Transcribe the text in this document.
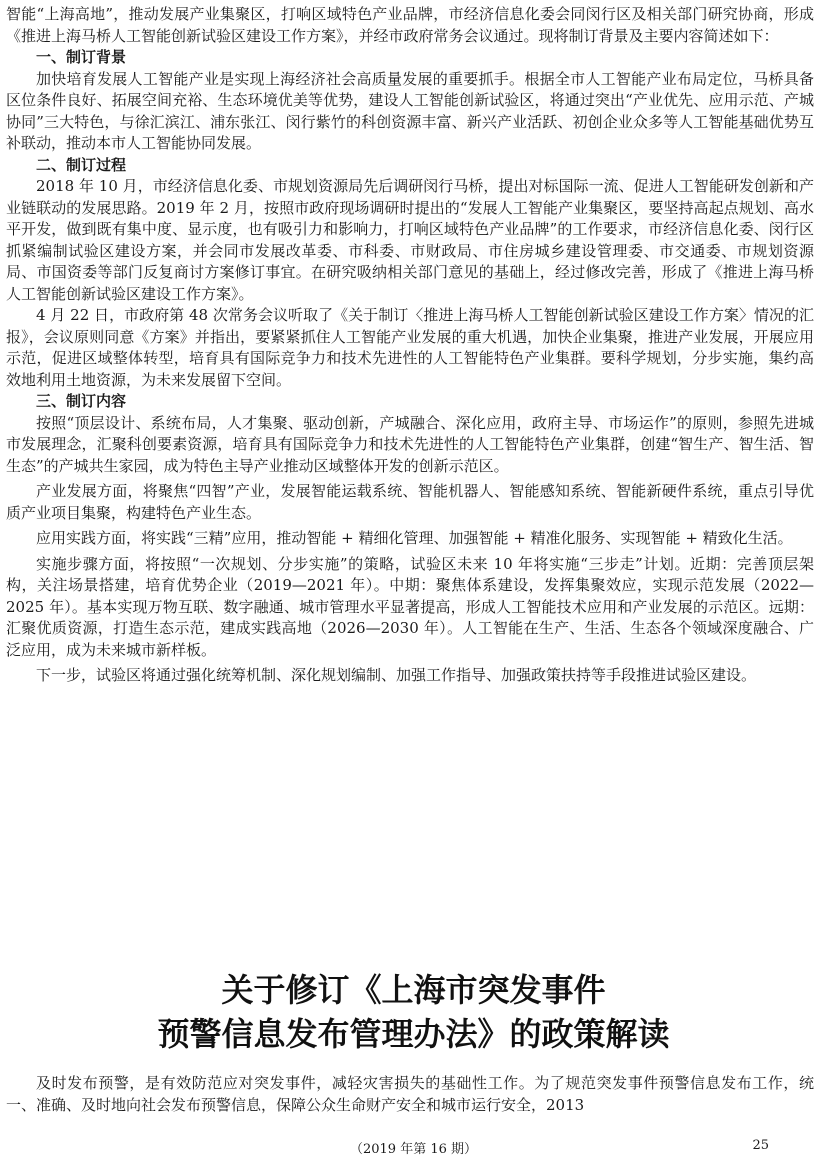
智能“上海高地”，推动发展产业集聚区，打响区域特色产业品牌，市经济信息化委会同闵行区及相关部门研究协商，形成《推进上海马桥人工智能创新试验区建设工作方案》，并经市政府常务会议通过。现将制订背景及主要内容简述如下：

一、制订背景

加快培育发展人工智能产业是实现上海经济社会高质量发展的重要抓手。根据全市人工智能产业布局定位，马桥具备区位条件良好、拓展空间充裕、生态环境优美等优势，建设人工智能创新试验区，将通过突出“产业优先、应用示范、产城协同”三大特色，与徐汇滨江、浦东张江、闵行紫竹的科创资源丰富、新兴产业活跃、初创企业众多等人工智能基础优势互补联动，推动本市人工智能协同发展。

二、制订过程

2018 年 10 月，市经济信息化委、市规划资源局先后调研闵行马桥，提出对标国际一流、促进人工智能研发创新和产业链联动的发展思路。2019 年 2 月，按照市政府现场调研时提出的“发展人工智能产业集聚区，要坚持高起点规划、高水平开发，做到既有集中度、显示度，也有吸引力和影响力，打响区域特色产业品牌”的工作要求，市经济信息化委、闵行区抓紧编制试验区建设方案，并会同市发展改革委、市科委、市财政局、市住房城乡建设管理委、市交通委、市规划资源局、市国资委等部门反复商讨方案修订事宜。在研究吸纳相关部门意见的基础上，经过修改完善，形成了《推进上海马桥人工智能创新试验区建设工作方案》。

4 月 22 日，市政府第 48 次常务会议听取了《关于制订〈推进上海马桥人工智能创新试验区建设工作方案〉情况的汇报》，会议原则同意《方案》并指出，要紧紧抓住人工智能产业发展的重大机遇，加快企业集聚，推进产业发展，开展应用示范，促进区域整体转型，培育具有国际竞争力和技术先进性的人工智能特色产业集群。要科学规划，分步实施，集约高效地利用土地资源，为未来发展留下空间。

三、制订内容

按照“顶层设计、系统布局，人才集聚、驱动创新，产城融合、深化应用，政府主导、市场运作”的原则，参照先进城市发展理念，汇聚科创要素资源，培育具有国际竞争力和技术先进性的人工智能特色产业集群，创建“智生产、智生活、智生态”的产城共生家园，成为特色主导产业推动区域整体开发的创新示范区。

产业发展方面，将聚焦“四智”产业，发展智能运载系统、智能机器人、智能感知系统、智能新硬件系统，重点引导优质产业项目集聚，构建特色产业生态。

应用实践方面，将实践“三精”应用，推动智能 + 精细化管理、加强智能 + 精准化服务、实现智能 + 精致化生活。

实施步骤方面，将按照“一次规划、分步实施”的策略，试验区未来 10 年将实施“三步走”计划。近期：完善顶层架构，关注场景搭建，培育优势企业（2019—2021 年）。中期：聚焦体系建设，发挥集聚效应，实现示范发展（2022—2025 年）。基本实现万物互联、数字融通、城市管理水平显著提高，形成人工智能技术应用和产业发展的示范区。远期：汇聚优质资源，打造生态示范，建成实践高地（2026—2030 年）。人工智能在生产、生活、生态各个领域深度融合、广泛应用，成为未来城市新样板。

下一步，试验区将通过强化统筹机制、深化规划编制、加强工作指导、加强政策扶持等手段推进试验区建设。

关于修订《上海市突发事件
预警信息发布管理办法》的政策解读

及时发布预警，是有效防范应对突发事件，减轻灾害损失的基础性工作。为了规范突发事件预警信息发布工作，统一、准确、及时地向社会发布预警信息，保障公众生命财产安全和城市运行安全，2013

（2019 年第 16 期）	25
